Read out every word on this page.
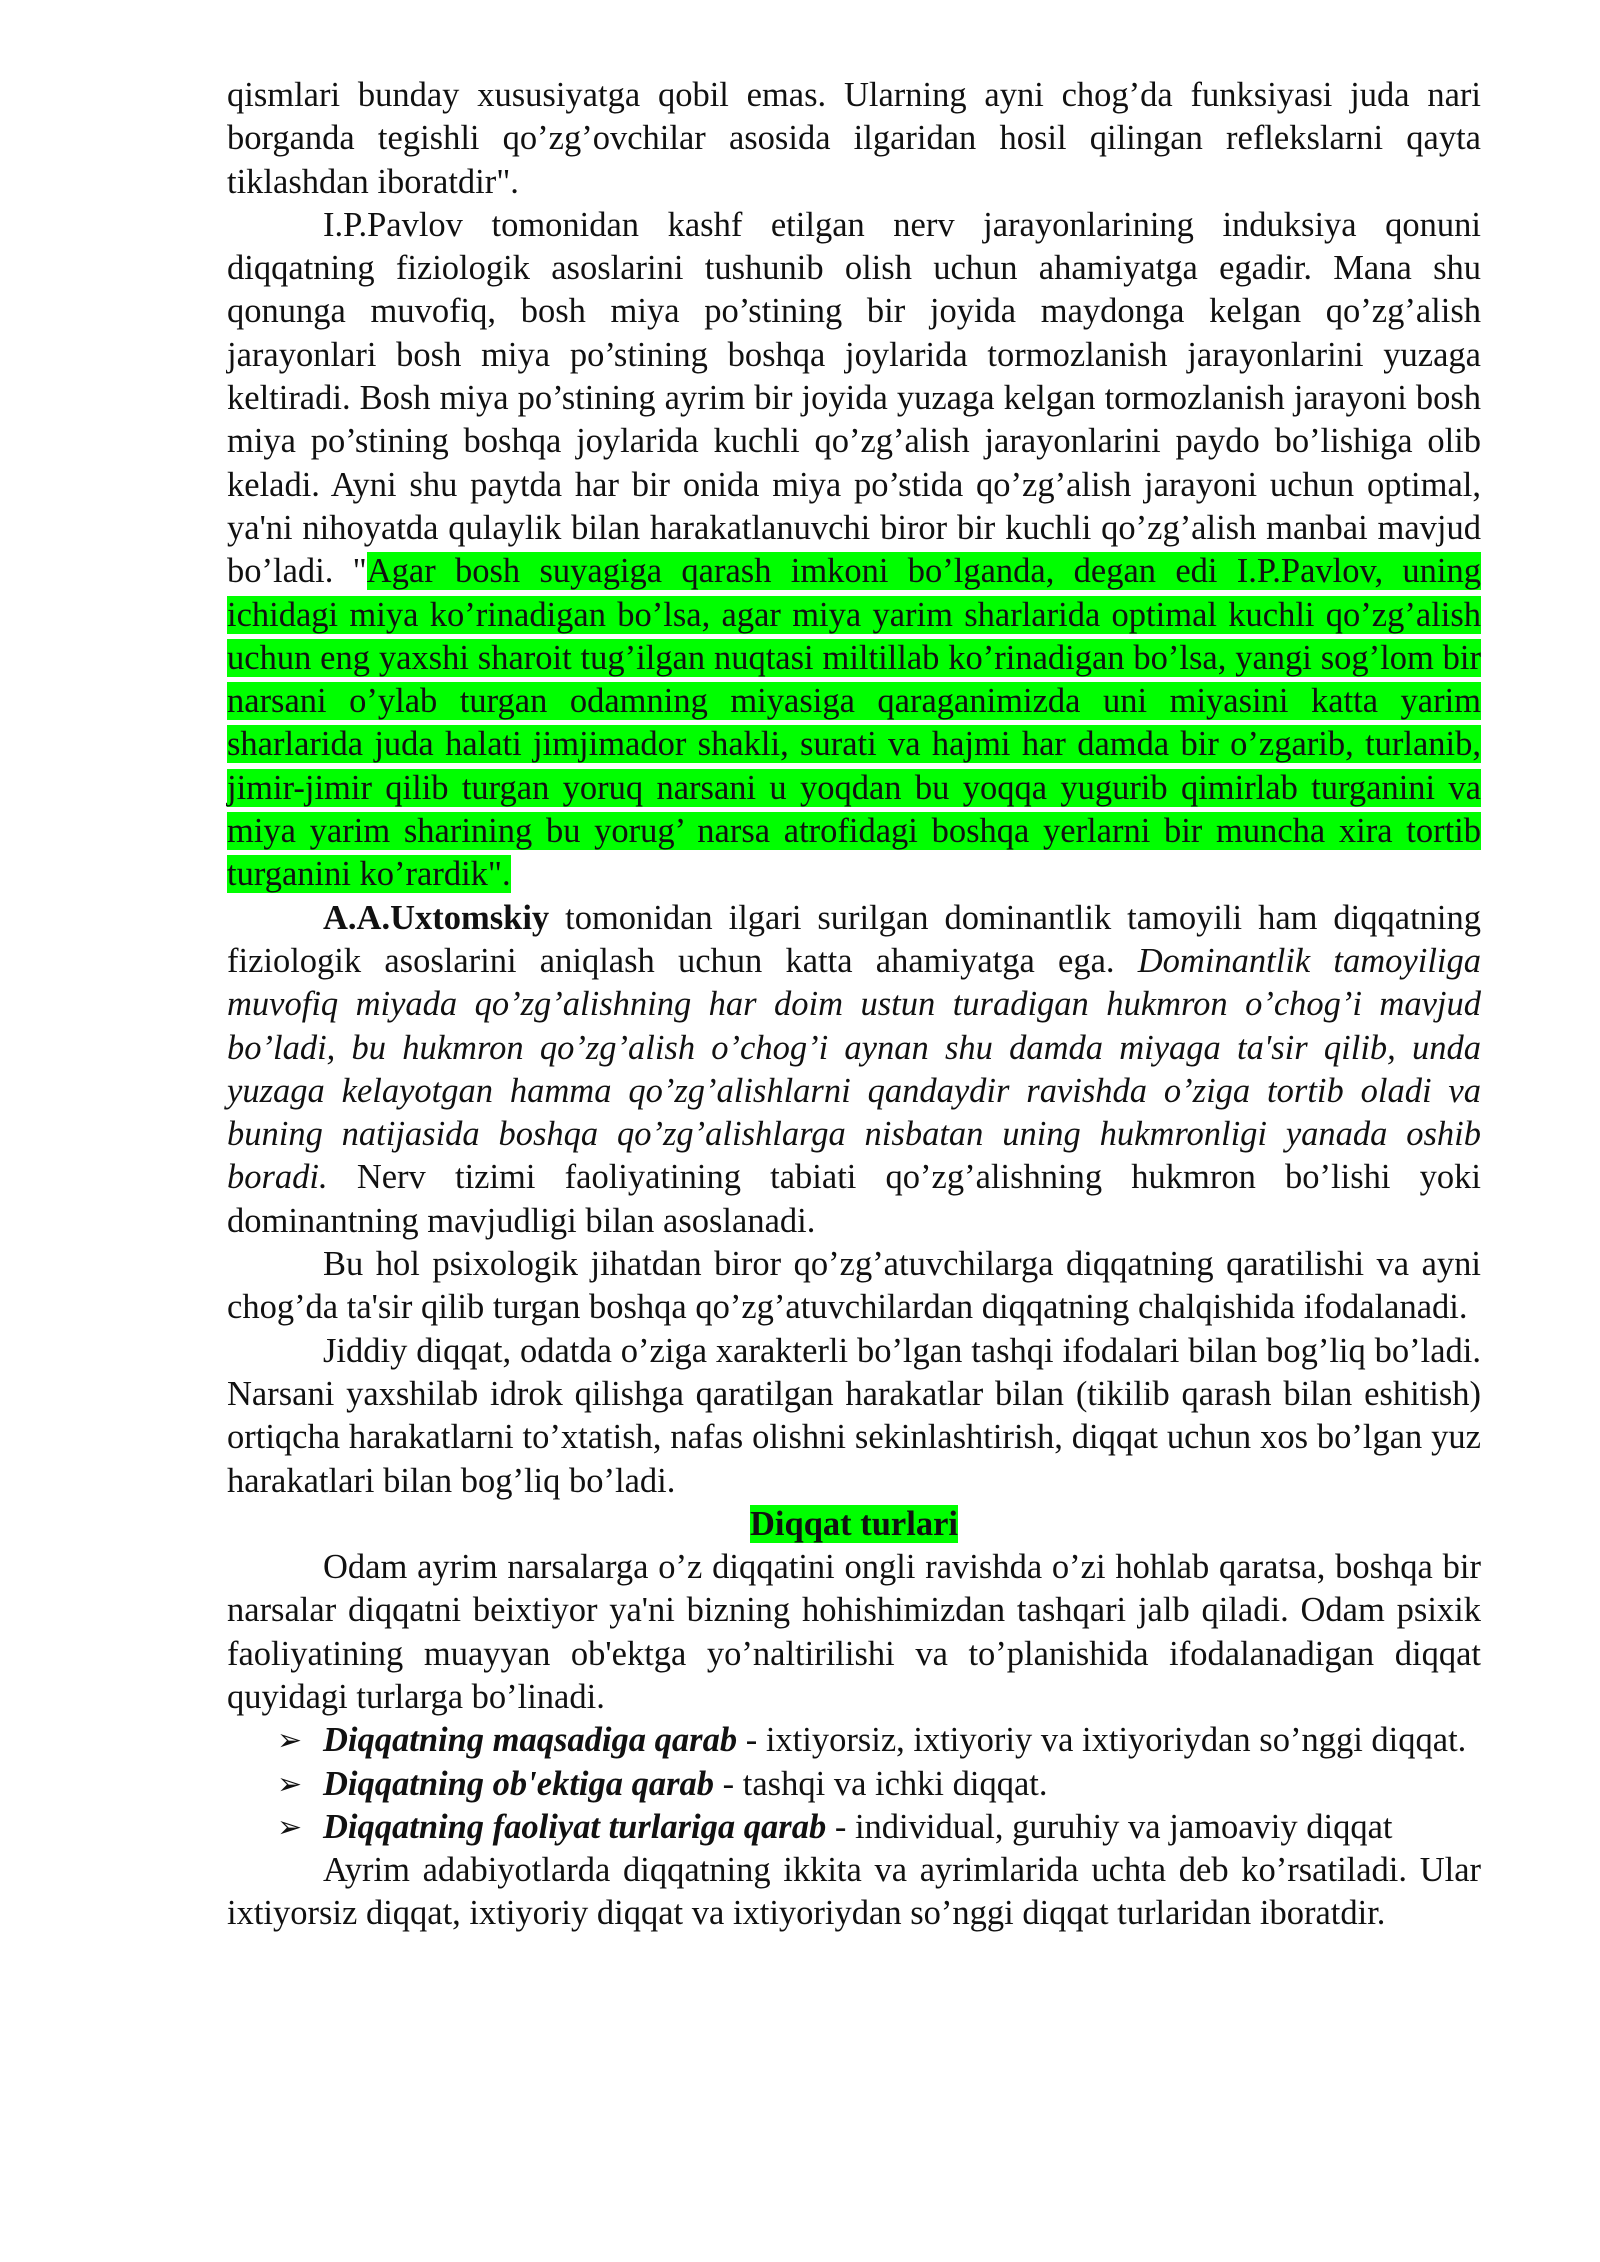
qismlari bunday xususiyatga qobil emas. Ularning ayni chog’da funksiyasi juda nari borganda tegishli qo’zg’ovchilar asosida ilgaridan hosil qilingan reflekslarni qayta tiklashdan iboratdir".

I.P.Pavlov tomonidan kashf etilgan nerv jarayonlarining induksiya qonuni diqqatning fiziologik asoslarini tushunib olish uchun ahamiyatga egadir. Mana shu qonunga muvofiq, bosh miya po’stining bir joyida maydonga kelgan qo’zg’alish jarayonlari bosh miya po’stining boshqa joylarida tormozlanish jarayonlarini yuzaga keltiradi. Bosh miya po’stining ayrim bir joyida yuzaga kelgan tormozlanish jarayoni bosh miya po’stining boshqa joylarida kuchli qo’zg’alish jarayonlarini paydo bo’lishiga olib keladi. Ayni shu paytda har bir onida miya po’stida qo’zg’alish jarayoni uchun optimal, ya'ni nihoyatda qulaylik bilan harakatlanuvchi biror bir kuchli qo’zg’alish manbai mavjud bo’ladi. "Agar bosh suyagiga qarash imkoni bo’lganda, degan edi I.P.Pavlov, uning ichidagi miya ko’rinadigan bo’lsa, agar miya yarim sharlarida optimal kuchli qo’zg’alish uchun eng yaxshi sharoit tug’ilgan nuqtasi miltillab ko’rinadigan bo’lsa, yangi sog’lom bir narsani o’ylab turgan odamning miyasiga qaraganimizda uni miyasini katta yarim sharlarida juda halati jimjimador shakli, surati va hajmi har damda bir o’zgarib, turlanib, jimir-jimir qilib turgan yoruq narsani u yoqdan bu yoqqa yugurib qimirlab turganini va miya yarim sharining bu yorug’ narsa atrofidagi boshqa yerlarni bir muncha xira tortib turganini ko’rardik".

A.A.Uxtomskiy tomonidan ilgari surilgan dominantlik tamoyili ham diqqatning fiziologik asoslarini aniqlash uchun katta ahamiyatga ega. Dominantlik tamoyiliga muvofiq miyada qo’zg’alishning har doim ustun turadigan hukmron o’chog’i mavjud bo’ladi, bu hukmron qo’zg’alish o’chog’i aynan shu damda miyaga ta'sir qilib, unda yuzaga kelayotgan hamma qo’zg’alishlarni qandaydir ravishda o’ziga tortib oladi va buning natijasida boshqa qo’zg’alishlarga nisbatan uning hukmronligi yanada oshib boradi. Nerv tizimi faoliyatining tabiati qo’zg’alishning hukmron bo’lishi yoki dominantning mavjudligi bilan asoslanadi.

Bu hol psixologik jihatdan biror qo’zg’atuvchilarga diqqatning qaratilishi va ayni chog’da ta'sir qilib turgan boshqa qo’zg’atuvchilardan diqqatning chalqishida ifodalanadi.

Jiddiy diqqat, odatda o’ziga xarakterli bo’lgan tashqi ifodalari bilan bog’liq bo’ladi. Narsani yaxshilab idrok qilishga qaratilgan harakatlar bilan (tikilib qarash bilan eshitish) ortiqcha harakatlarni to’xtatish, nafas olishni sekinlashtirish, diqqat uchun xos bo’lgan yuz harakatlari bilan bog’liq bo’ladi.

Diqqat turlari

Odam ayrim narsalarga o’z diqqatini ongli ravishda o’zi hohlab qaratsa, boshqa bir narsalar diqqatni beixtiyor ya'ni bizning hohishimizdan tashqari jalb qiladi. Odam psixik faoliyatining muayyan ob'ektga yo’naltirilishi va to’planishida ifodalanadigan diqqat quyidagi turlarga bo’linadi.

➢ Diqqatning maqsadiga qarab - ixtiyorsiz, ixtiyoriy va ixtiyoriydan so’nggi diqqat.
➢ Diqqatning ob'ektiga qarab - tashqi va ichki diqqat.
➢ Diqqatning faoliyat turlariga qarab - individual, guruhiy va jamoaviy diqqat

Ayrim adabiyotlarda diqqatning ikkita va ayrimlarida uchta deb ko’rsatiladi. Ular ixtiyorsiz diqqat, ixtiyoriy diqqat va ixtiyoriydan so’nggi diqqat turlaridan iboratdir.
